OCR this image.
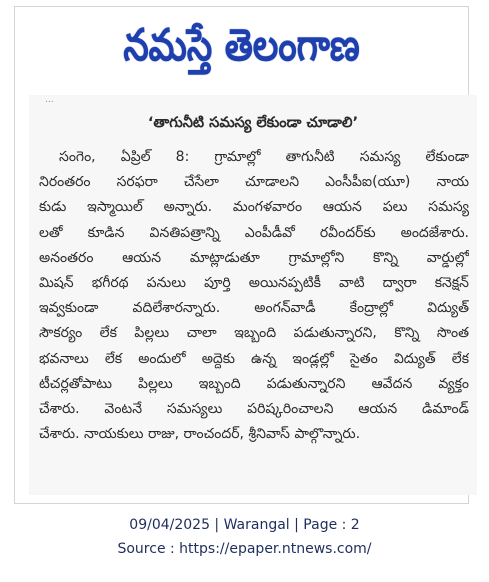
నమస్తే తెలంగాణ
...
‘తాగునీటి సమస్య లేకుండా చూడాలి’
సంగెం, ఏప్రిల్ 8: గ్రామాల్లో తాగునీటి సమస్య లేకుండా
నిరంతరం సరఫరా చేసేలా చూడాలని ఎంసీపీఐ(యూ) నాయ
కుడు ఇస్మాయిల్ అన్నారు. మంగళవారం ఆయన పలు సమస్య
లతో కూడిన వినతిపత్రాన్ని ఎంపీడీవో రవీందర్‌కు అందజేశారు.
అనంతరం ఆయన మాట్లాడుతూ గ్రామాల్లోని కొన్ని వార్డుల్లో
మిషన్ భగీరథ పనులు పూర్తి అయినప్పటికీ వాటి ద్వారా కనెక్షన్
ఇవ్వకుండా వదిలేశారన్నారు. అంగన్‌వాడీ కేంద్రాల్లో విద్యుత్
సౌకర్యం లేక పిల్లలు చాలా ఇబ్బంది పడుతున్నారని, కొన్ని సొంత
భవనాలు లేక అందులో అద్దెకు ఉన్న ఇండ్లల్లో సైతం విద్యుత్ లేక
టీచర్లతోపాటు పిల్లలు ఇబ్బంది పడుతున్నారని ఆవేదన వ్యక్తం
చేశారు. వెంటనే సమస్యలు పరిష్కరించాలని ఆయన డిమాండ్
చేశారు. నాయకులు రాజు, రాంచందర్, శ్రీనివాస్ పాల్గొన్నారు.
09/04/2025 | Warangal | Page : 2
Source : https://epaper.ntnews.com/
